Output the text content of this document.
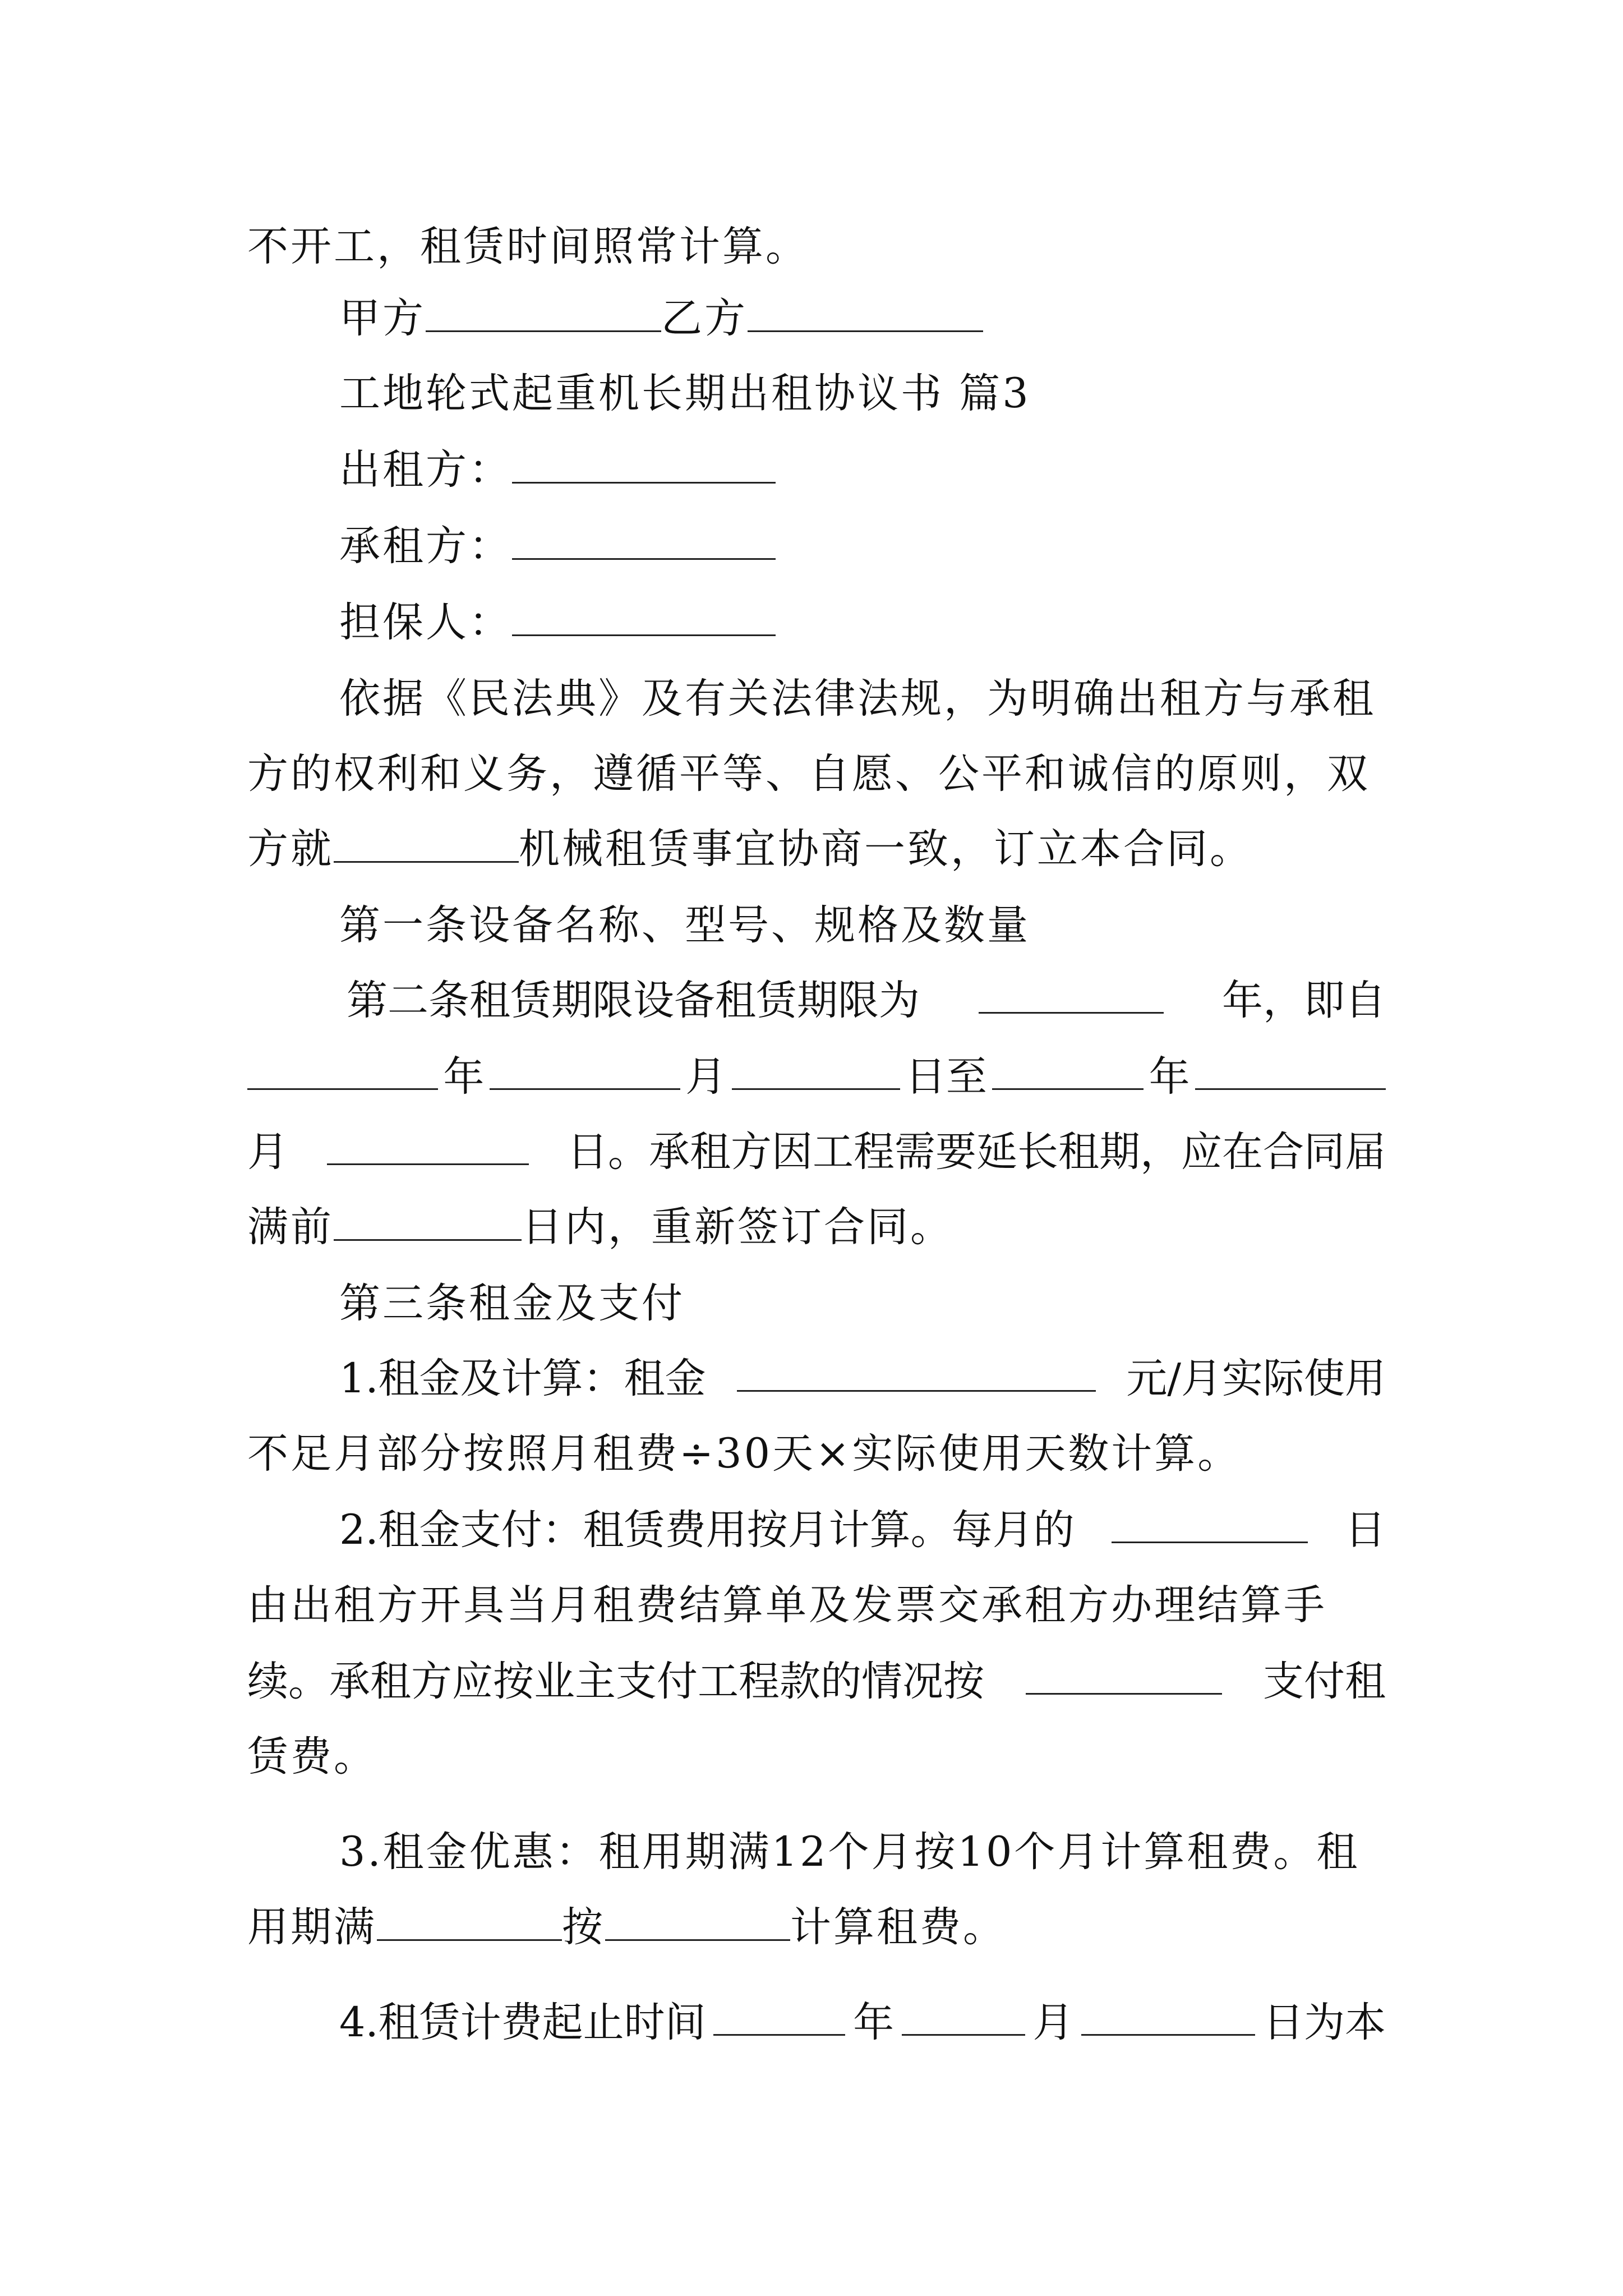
不开工，租赁时间照常计算。
甲方	乙方
工地轮式起重机长期出租协议书 篇3
出租方：
承租方：
担保人：
依据《民法典》及有关法律法规，为明确出租方与承租
方的权利和义务，遵循平等、自愿、公平和诚信的原则，双
方就	机械租赁事宜协商一致，订立本合同。
第一条设备名称、型号、规格及数量
第二条租赁期限设备租赁期限为	年，即自
年	月	日至	年
月	日。承租方因工程需要延长租期，应在合同届
满前	日内，重新签订合同。
第三条租金及支付
1.租金及计算：租金	元/月实际使用
不足月部分按照月租费÷30天×实际使用天数计算。
2.租金支付：租赁费用按月计算。每月的	日
由出租方开具当月租费结算单及发票交承租方办理结算手
续。承租方应按业主支付工程款的情况按	支付租
赁费。
3.租金优惠：租用期满12个月按10个月计算租费。租
用期满	按	计算租费。
4.租赁计费起止时间	年	月	日为本
